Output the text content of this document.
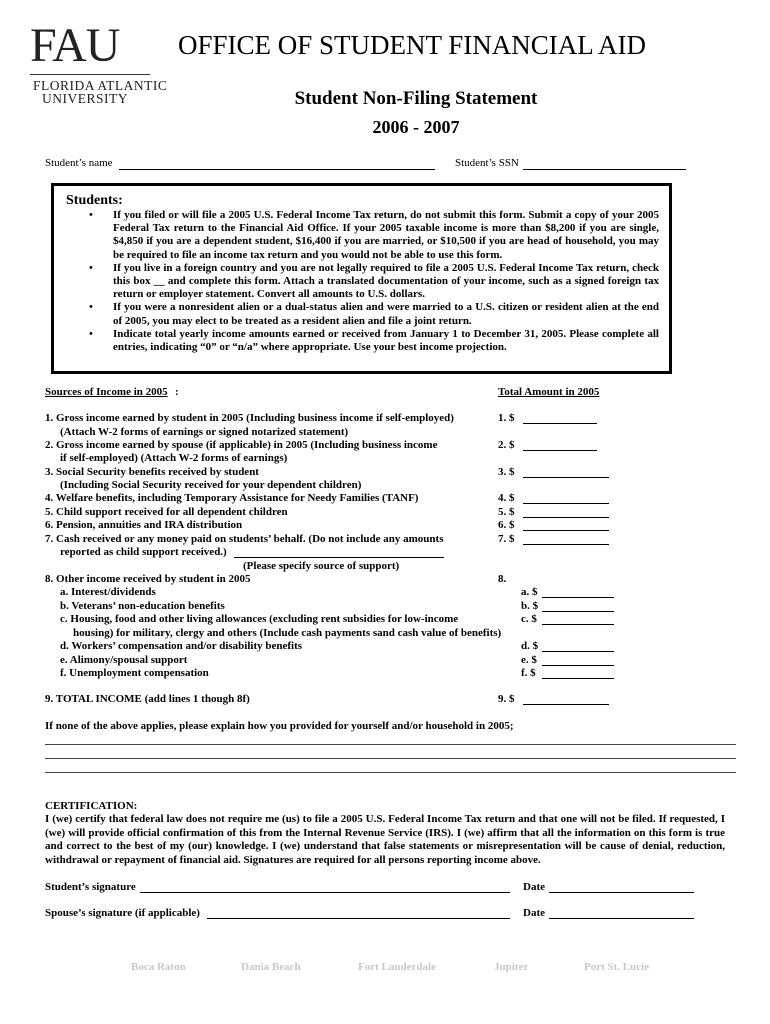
FAU
FLORIDA ATLANTIC
UNIVERSITY
OFFICE OF STUDENT FINANCIAL AID
Student Non-Filing Statement
2006 - 2007
Student’s name	Student’s SSN
Students:
• If you filed or will file a 2005 U.S. Federal Income Tax return, do not submit this form. Submit a copy of your 2005 Federal Tax return to the Financial Aid Office. If your 2005 taxable income is more than $8,200 if you are single, $4,850 if you are a dependent student, $16,400 if you are married, or $10,500 if you are head of household, you may be required to file an income tax return and you would not be able to use this form.
• If you live in a foreign country and you are not legally required to file a 2005 U.S. Federal Income Tax return, check this box __ and complete this form. Attach a translated documentation of your income, such as a signed foreign tax return or employer statement. Convert all amounts to U.S. dollars.
• If you were a nonresident alien or a dual-status alien and were married to a U.S. citizen or resident alien at the end of 2005, you may elect to be treated as a resident alien and file a joint return.
• Indicate total yearly income amounts earned or received from January 1 to December 31, 2005. Please complete all entries, indicating “0” or “n/a” where appropriate. Use your best income projection.
Sources of Income in 2005 :	Total Amount in 2005
1. Gross income earned by student in 2005 (Including business income if self-employed)	1. $
(Attach W-2 forms of earnings or signed notarized statement)
2. Gross income earned by spouse (if applicable) in 2005 (Including business income	2. $
if self-employed) (Attach W-2 forms of earnings)
3. Social Security benefits received by student	3. $
(Including Social Security received for your dependent children)
4. Welfare benefits, including Temporary Assistance for Needy Families (TANF)	4. $
5. Child support received for all dependent children	5. $
6. Pension, annuities and IRA distribution	6. $
7. Cash received or any money paid on students’ behalf. (Do not include any amounts	7. $
reported as child support received.)
(Please specify source of support)
8. Other income received by student in 2005	8.
a. Interest/dividends	a. $
b. Veterans’ non-education benefits	b. $
c. Housing, food and other living allowances (excluding rent subsidies for low-income	c. $
housing) for military, clergy and others (Include cash payments sand cash value of benefits)
d. Workers’ compensation and/or disability benefits	d. $
e. Alimony/spousal support	e. $
f. Unemployment compensation	f. $
9. TOTAL INCOME (add lines 1 though 8f)	9. $
If none of the above applies, please explain how you provided for yourself and/or household in 2005;
CERTIFICATION:
I (we) certify that federal law does not require me (us) to file a 2005 U.S. Federal Income Tax return and that one will not be filed. If requested, I (we) will provide official confirmation of this from the Internal Revenue Service (IRS). I (we) affirm that all the information on this form is true and correct to the best of my (our) knowledge. I (we) understand that false statements or misrepresentation will be cause of denial, reduction, withdrawal or repayment of financial aid. Signatures are required for all persons reporting income above.
Student’s signature	Date
Spouse’s signature (if applicable)	Date
Boca Raton	Dania Beach	Fort Lauderdale	Jupiter	Port St. Lucie
